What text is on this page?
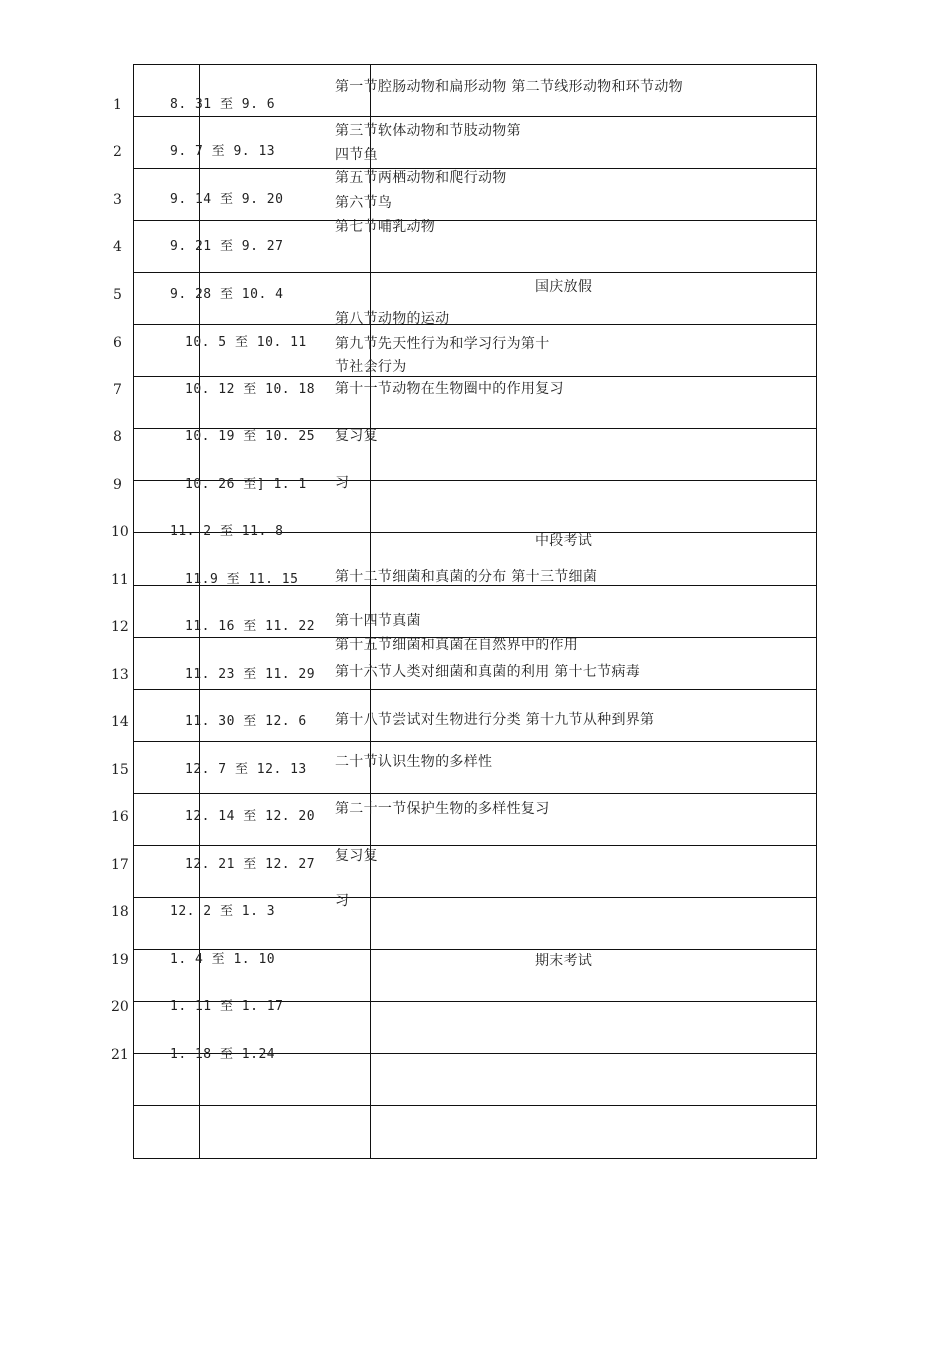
1
2
3
4
5
6
7
8
9
10
11
12
13
14
15
16
17
18
19
20
21
8. 31 至 9. 6
9. 7 至 9. 13
9. 14 至 9. 20
9. 21 至 9. 27
9. 28 至 10. 4
10. 5 至 10. 11
10. 12 至 10. 18
10. 19 至 10. 25
10. 26 至] 1. 1
11. 2 至 11. 8
11.9 至 11. 15
11. 16 至 11. 22
11. 23 至 11. 29
11. 30 至 12. 6
12. 7 至 12. 13
12. 14 至 12. 20
12. 21 至 12. 27
12. 2 至 1. 3
1. 4 至 1. 10
1. 11 至 1. 17
1. 18 至 1.24
第一节腔肠动物和扁形动物 第二节线形动物和环节动物
第三节软体动物和节肢动物第
四节鱼
第五节两栖动物和爬行动物
第六节鸟
第七节哺乳动物
第八节动物的运动
第九节先天性行为和学习行为第十
节社会行为
第十一节动物在生物圈中的作用复习
复习复
习
第十二节细菌和真菌的分布 第十三节细菌
第十四节真菌
第十五节细菌和真菌在自然界中的作用
第十六节人类对细菌和真菌的利用 第十七节病毒
第十八节尝试对生物进行分类 第十九节从种到界第
二十节认识生物的多样性
第二十一节保护生物的多样性复习
复习复
习
国庆放假
中段考试
期末考试
